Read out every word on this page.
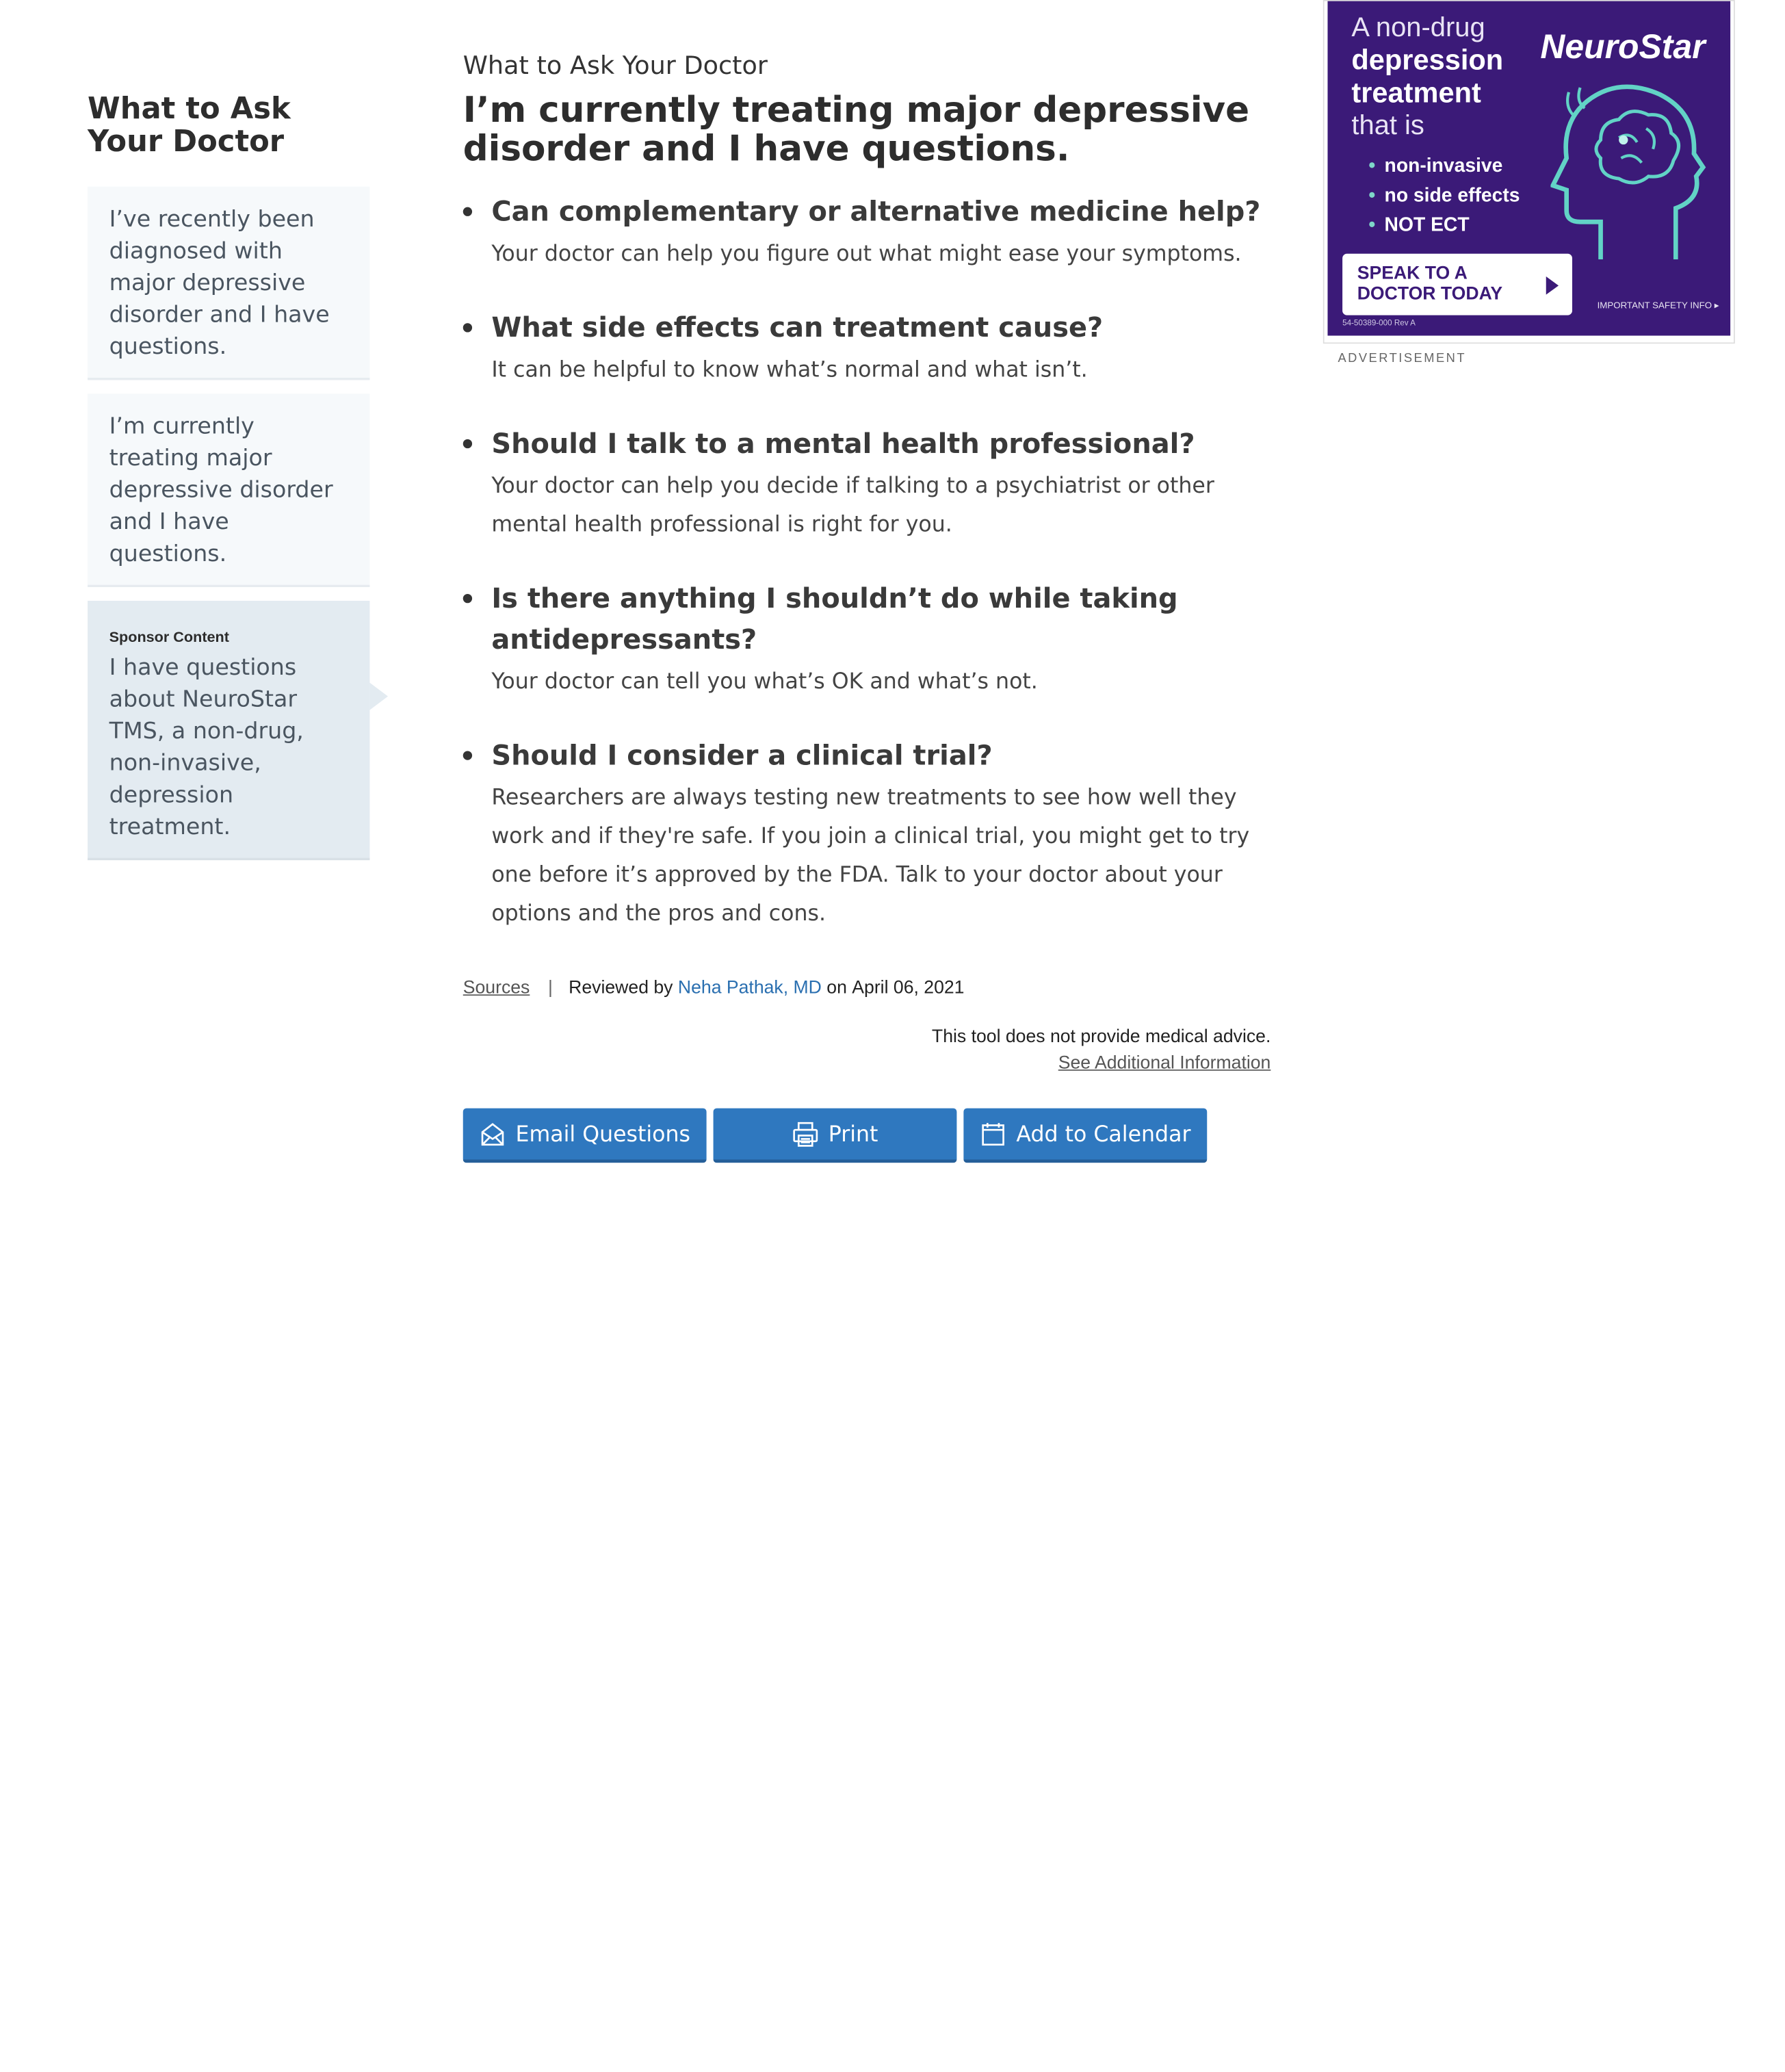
What to Ask Your Doctor
I’ve recently been diagnosed with major depressive disorder and I have questions.
I’m currently treating major depressive disorder and I have questions.
Sponsor Content
I have questions about NeuroStar TMS, a non-drug, non-invasive, depression treatment.

What to Ask Your Doctor

I’m currently treating major depressive disorder and I have questions.
Can complementary or alternative medicine help?
Your doctor can help you figure out what might ease your symptoms.
What side effects can treatment cause?
It can be helpful to know what’s normal and what isn’t.
Should I talk to a mental health professional?
Your doctor can help you decide if talking to a psychiatrist or other mental health professional is right for you.
Is there anything I shouldn’t do while taking antidepressants?
Your doctor can tell you what’s OK and what’s not.
Should I consider a clinical trial?
Researchers are always testing new treatments to see how well they work and if they're safe. If you join a clinical trial, you might get to try one before it’s approved by the FDA. Talk to your doctor about your options and the pros and cons.
Sources | Reviewed by
Neha Pathak, MD
on
April 06, 2021
This tool does not provide medical advice.
See Additional Information
Email Questions	Print	Add to Calendar
A non-drug
depression
treatment
that is
NeuroStar
• non-invasive
• no side effects
• NOT ECT
SPEAK TO A
DOCTOR TODAY
IMPORTANT SAFETY INFO ▸
54-50389-000 Rev A
ADVERTISEMENT
